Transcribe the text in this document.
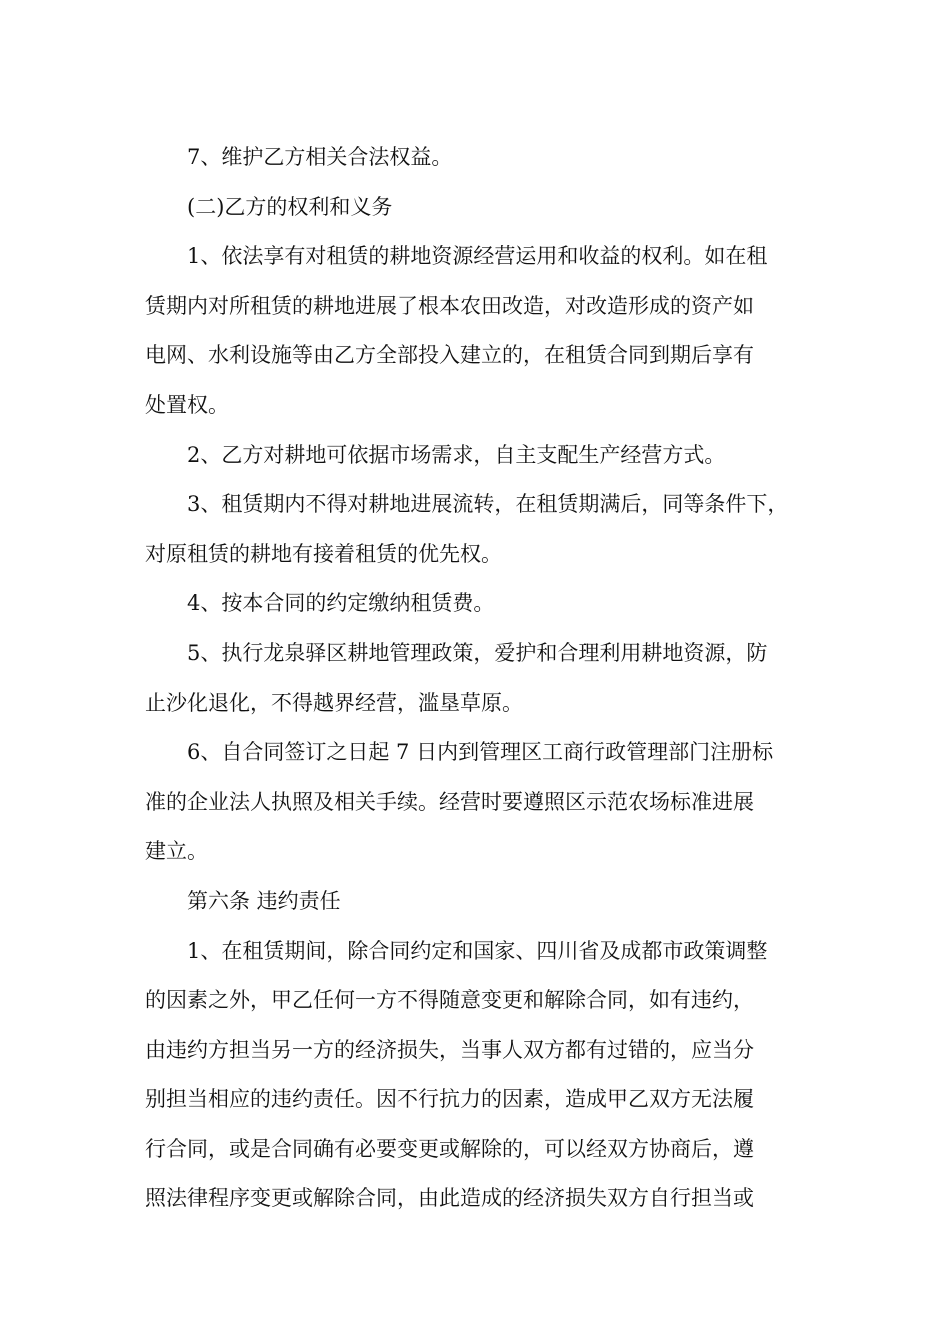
7、维护乙方相关合法权益。

(二)乙方的权利和义务

1、依法享有对租赁的耕地资源经营运用和收益的权利。如在租

赁期内对所租赁的耕地进展了根本农田改造，对改造形成的资产如

电网、水利设施等由乙方全部投入建立的，在租赁合同到期后享有

处置权。

2、乙方对耕地可依据市场需求，自主支配生产经营方式。

3、租赁期内不得对耕地进展流转，在租赁期满后，同等条件下，

对原租赁的耕地有接着租赁的优先权。

4、按本合同的约定缴纳租赁费。

5、执行龙泉驿区耕地管理政策，爱护和合理利用耕地资源，防

止沙化退化，不得越界经营，滥垦草原。

6、自合同签订之日起 7 日内到管理区工商行政管理部门注册标

准的企业法人执照及相关手续。经营时要遵照区示范农场标准进展

建立。

第六条 违约责任

1、在租赁期间，除合同约定和国家、四川省及成都市政策调整

的因素之外，甲乙任何一方不得随意变更和解除合同，如有违约，

由违约方担当另一方的经济损失，当事人双方都有过错的，应当分

别担当相应的违约责任。因不行抗力的因素，造成甲乙双方无法履

行合同，或是合同确有必要变更或解除的，可以经双方协商后，遵

照法律程序变更或解除合同，由此造成的经济损失双方自行担当或
